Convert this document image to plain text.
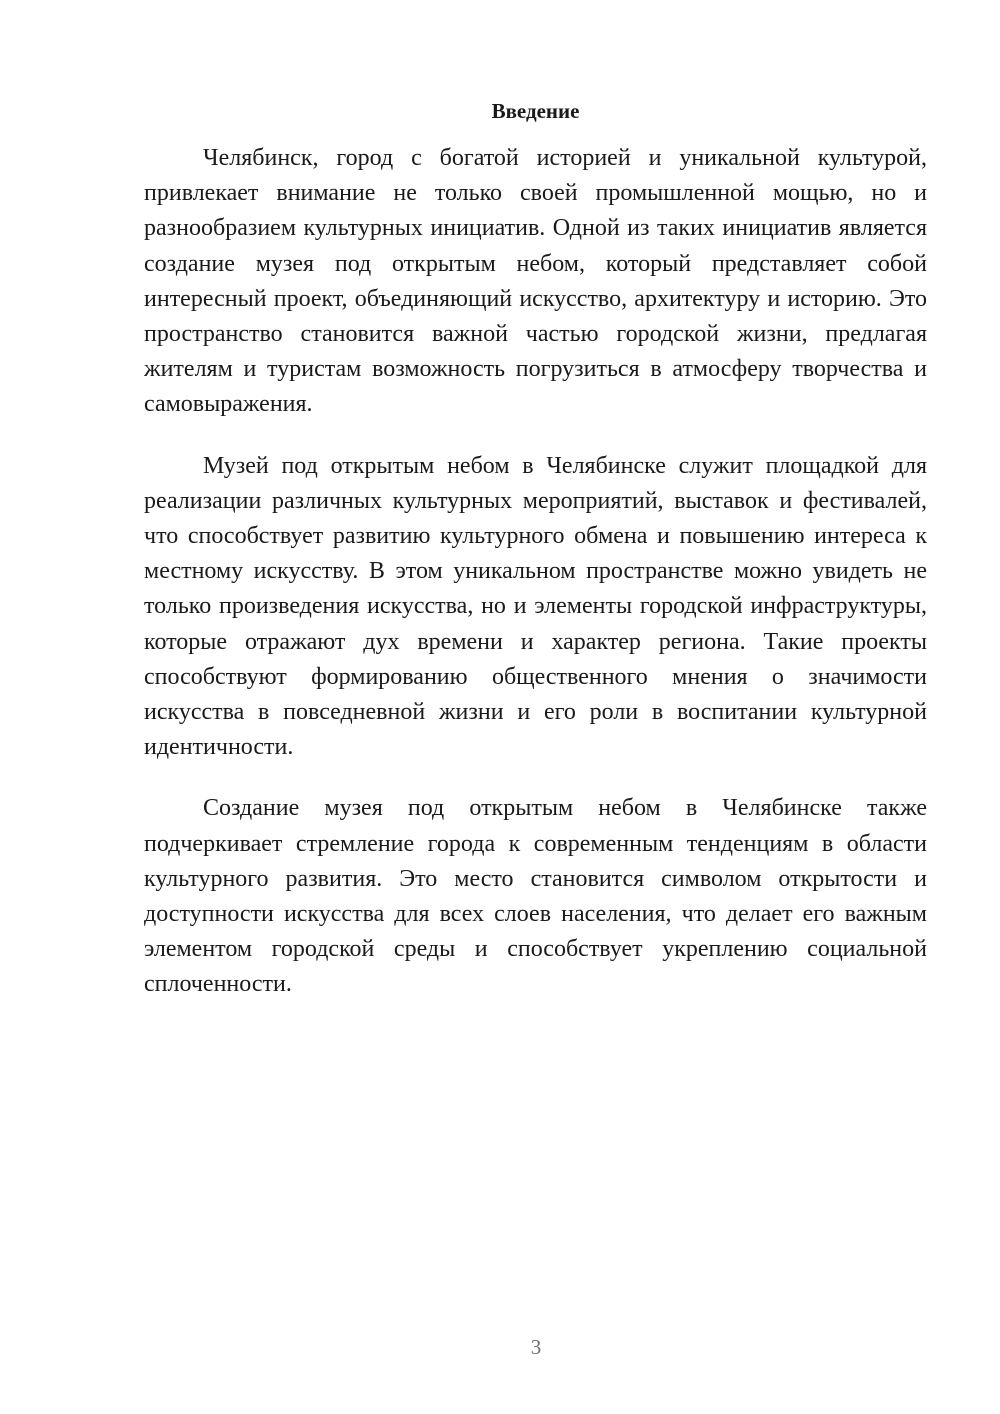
Введение

Челябинск, город с богатой историей и уникальной культурой, привлекает внимание не только своей промышленной мощью, но и разнообразием культурных инициатив. Одной из таких инициатив является создание музея под открытым небом, который представляет собой интересный проект, объединяющий искусство, архитектуру и историю. Это пространство становится важной частью городской жизни, предлагая жителям и туристам возможность погрузиться в атмосферу творчества и самовыражения.

Музей под открытым небом в Челябинске служит площадкой для реализации различных культурных мероприятий, выставок и фестивалей, что способствует развитию культурного обмена и повышению интереса к местному искусству. В этом уникальном пространстве можно увидеть не только произведения искусства, но и элементы городской инфраструктуры, которые отражают дух времени и характер региона. Такие проекты способствуют формированию общественного мнения о значимости искусства в повседневной жизни и его роли в воспитании культурной идентичности.

Создание музея под открытым небом в Челябинске также подчеркивает стремление города к современным тенденциям в области культурного развития. Это место становится символом открытости и доступности искусства для всех слоев населения, что делает его важным элементом городской среды и способствует укреплению социальной сплоченности.

3
